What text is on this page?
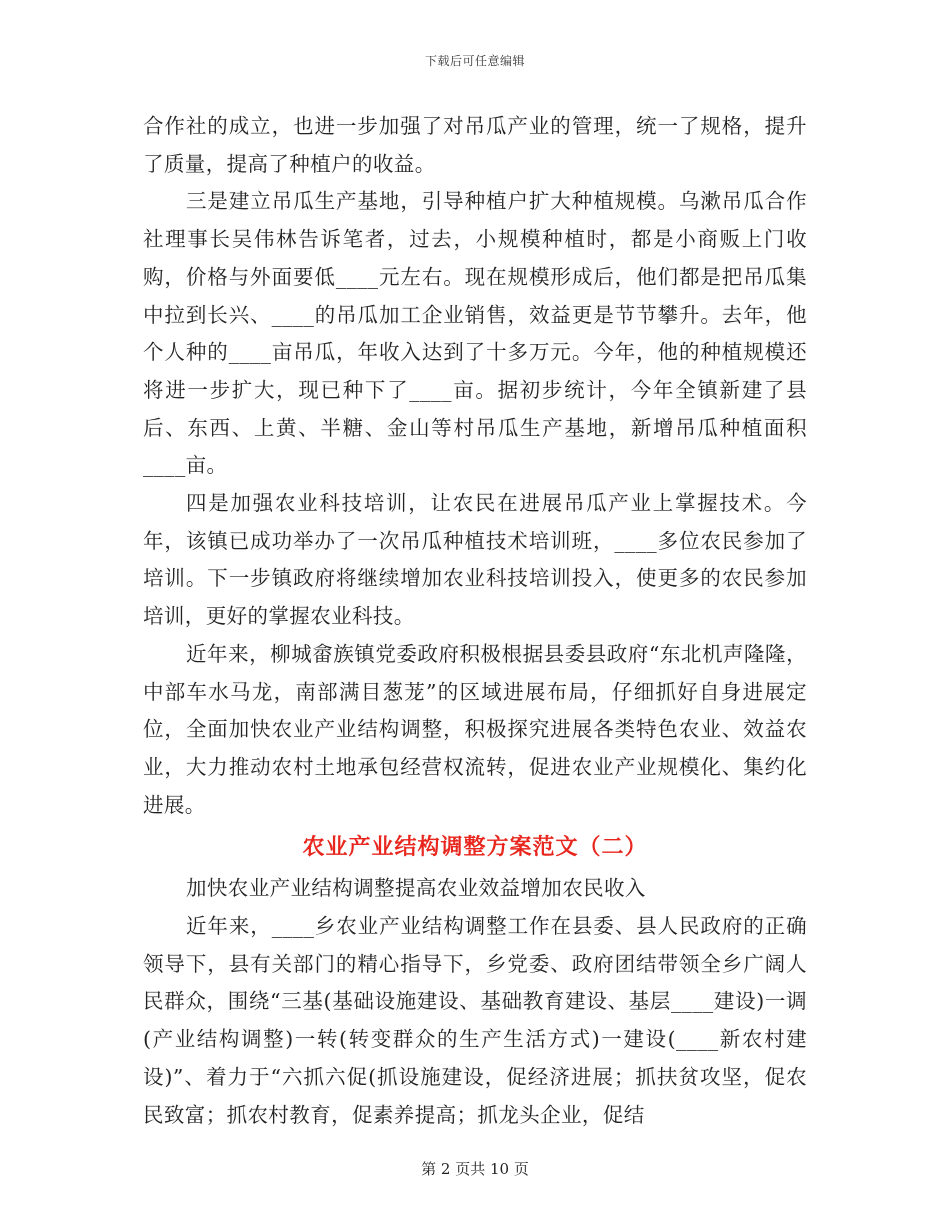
下载后可任意编辑

合作社的成立，也进一步加强了对吊瓜产业的管理，统一了规格，提升了质量，提高了种植户的收益。

三是建立吊瓜生产基地，引导种植户扩大种植规模。乌漱吊瓜合作社理事长吴伟林告诉笔者，过去，小规模种植时，都是小商贩上门收购，价格与外面要低____元左右。现在规模形成后，他们都是把吊瓜集中拉到长兴、____的吊瓜加工企业销售，效益更是节节攀升。去年，他个人种的____亩吊瓜，年收入达到了十多万元。今年，他的种植规模还将进一步扩大，现已种下了____亩。据初步统计，今年全镇新建了县后、东西、上黄、半糖、金山等村吊瓜生产基地，新增吊瓜种植面积____亩。

四是加强农业科技培训，让农民在进展吊瓜产业上掌握技术。今年，该镇已成功举办了一次吊瓜种植技术培训班，____多位农民参加了培训。下一步镇政府将继续增加农业科技培训投入，使更多的农民参加培训，更好的掌握农业科技。

近年来，柳城畲族镇党委政府积极根据县委县政府“东北机声隆隆，中部车水马龙，南部满目葱茏”的区域进展布局，仔细抓好自身进展定位，全面加快农业产业结构调整，积极探究进展各类特色农业、效益农业，大力推动农村土地承包经营权流转，促进农业产业规模化、集约化进展。

农业产业结构调整方案范文（二）

加快农业产业结构调整提高农业效益增加农民收入

近年来，____乡农业产业结构调整工作在县委、县人民政府的正确领导下，县有关部门的精心指导下，乡党委、政府团结带领全乡广阔人民群众，围绕“三基(基础设施建设、基础教育建设、基层____建设)一调(产业结构调整)一转(转变群众的生产生活方式)一建设(____新农村建设)”、着力于“六抓六促(抓设施建设，促经济进展；抓扶贫攻坚，促农民致富；抓农村教育，促素养提高；抓龙头企业，促结

第 2 页共 10 页
